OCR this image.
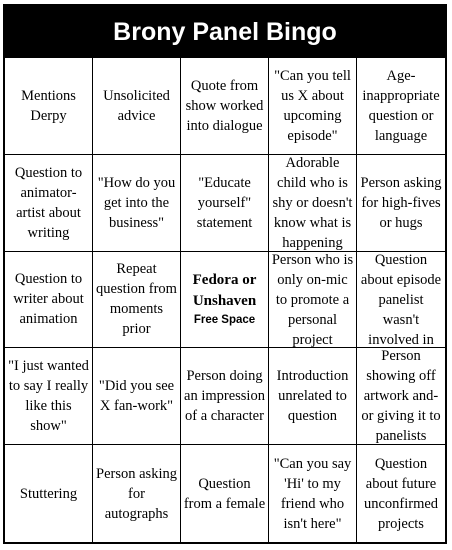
Brony Panel Bingo
Mentions Derpy
Unsolicited advice
Quote from show worked into dialogue
"Can you tell us X about upcoming episode"
Age-inappropriate question or language
Question to animator-artist about writing
"How do you get into the business"
"Educate yourself" statement
Adorable child who is shy or doesn't know what is happening
Person asking for high-fives or hugs
Question to writer about animation
Repeat question from moments prior
Fedora or Unshaven
Free Space
Person who is only on-mic to promote a personal project
Question about episode panelist wasn't involved in
"I just wanted to say I really like this show"
"Did you see X fan-work"
Person doing an impression of a character
Introduction unrelated to question
Person showing off artwork and-or giving it to panelists
Stuttering
Person asking for autographs
Question from a female
"Can you say 'Hi' to my friend who isn't here"
Question about future unconfirmed projects
